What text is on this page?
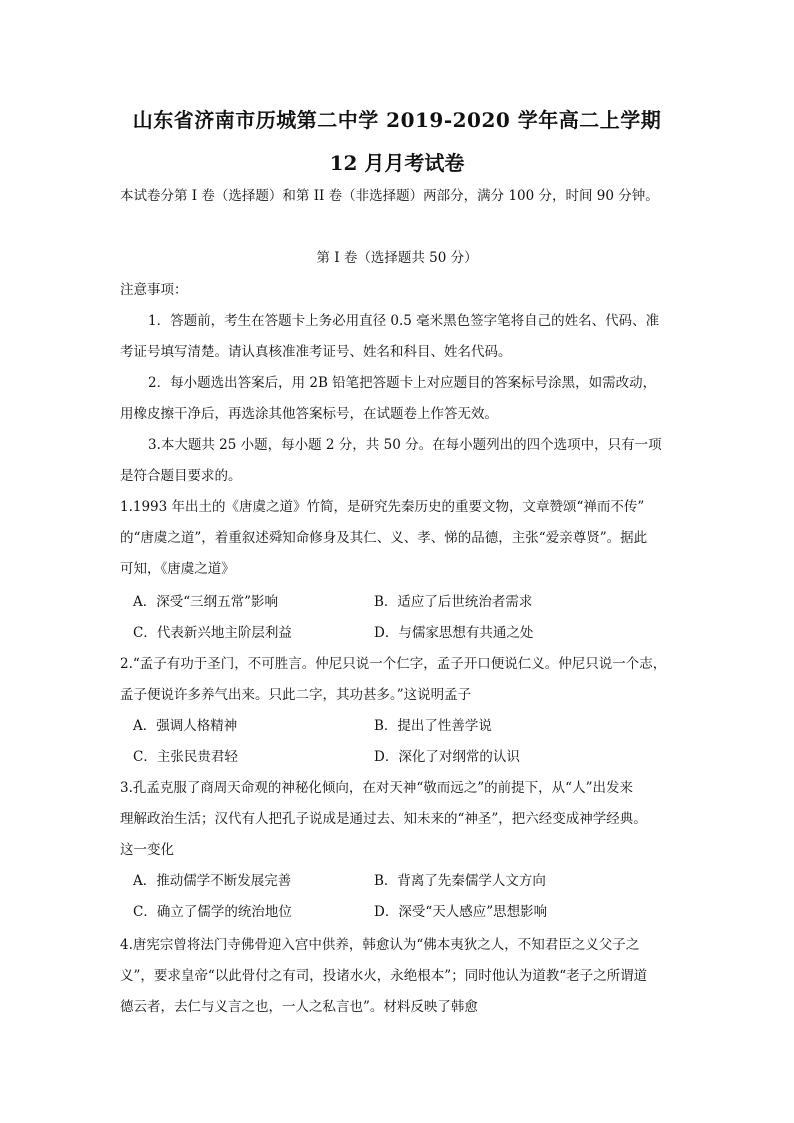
山东省济南市历城第二中学 2019-2020 学年高二上学期
12 月月考试卷
本试卷分第 I 卷（选择题）和第 II 卷（非选择题）两部分，满分 100 分，时间 90 分钟。
第 I 卷（选择题共 50 分）
注意事项：
1．答题前，考生在答题卡上务必用直径 0.5 毫米黑色签字笔将自己的姓名、代码、准
考证号填写清楚。请认真核准准考证号、姓名和科目、姓名代码。
2．每小题选出答案后，用 2B 铅笔把答题卡上对应题目的答案标号涂黑，如需改动，
用橡皮擦干净后，再选涂其他答案标号，在试题卷上作答无效。
3.本大题共 25 小题，每小题 2 分，共 50 分。在每小题列出的四个选项中，只有一项
是符合题目要求的。
1.1993 年出土的《唐虞之道》竹简，是研究先秦历史的重要文物，文章赞颂“禅而不传”
的“唐虞之道”，着重叙述舜知命修身及其仁、义、孝、悌的品德，主张“爱亲尊贤”。据此
可知，《唐虞之道》
A．深受“三纲五常”影响	B．适应了后世统治者需求
C．代表新兴地主阶层利益	D．与儒家思想有共通之处
2.“孟子有功于圣门，不可胜言。仲尼只说一个仁字，孟子开口便说仁义。仲尼只说一个志，
孟子便说许多养气出来。只此二字，其功甚多。”这说明孟子
A．强调人格精神	B．提出了性善学说
C．主张民贵君轻	D．深化了对纲常的认识
3.孔孟克服了商周天命观的神秘化倾向，在对天神“敬而远之”的前提下，从“人”出发来
理解政治生活；汉代有人把孔子说成是通过去、知未来的“神圣”，把六经变成神学经典。
这一变化
A．推动儒学不断发展完善	B．背离了先秦儒学人文方向
C．确立了儒学的统治地位	D．深受“天人感应”思想影响
4.唐宪宗曾将法门寺佛骨迎入宫中供养，韩愈认为“佛本夷狄之人，不知君臣之义父子之
义”，要求皇帝“以此骨付之有司，投诸水火，永绝根本”；同时他认为道教“老子之所谓道
德云者，去仁与义言之也，一人之私言也”。材料反映了韩愈
